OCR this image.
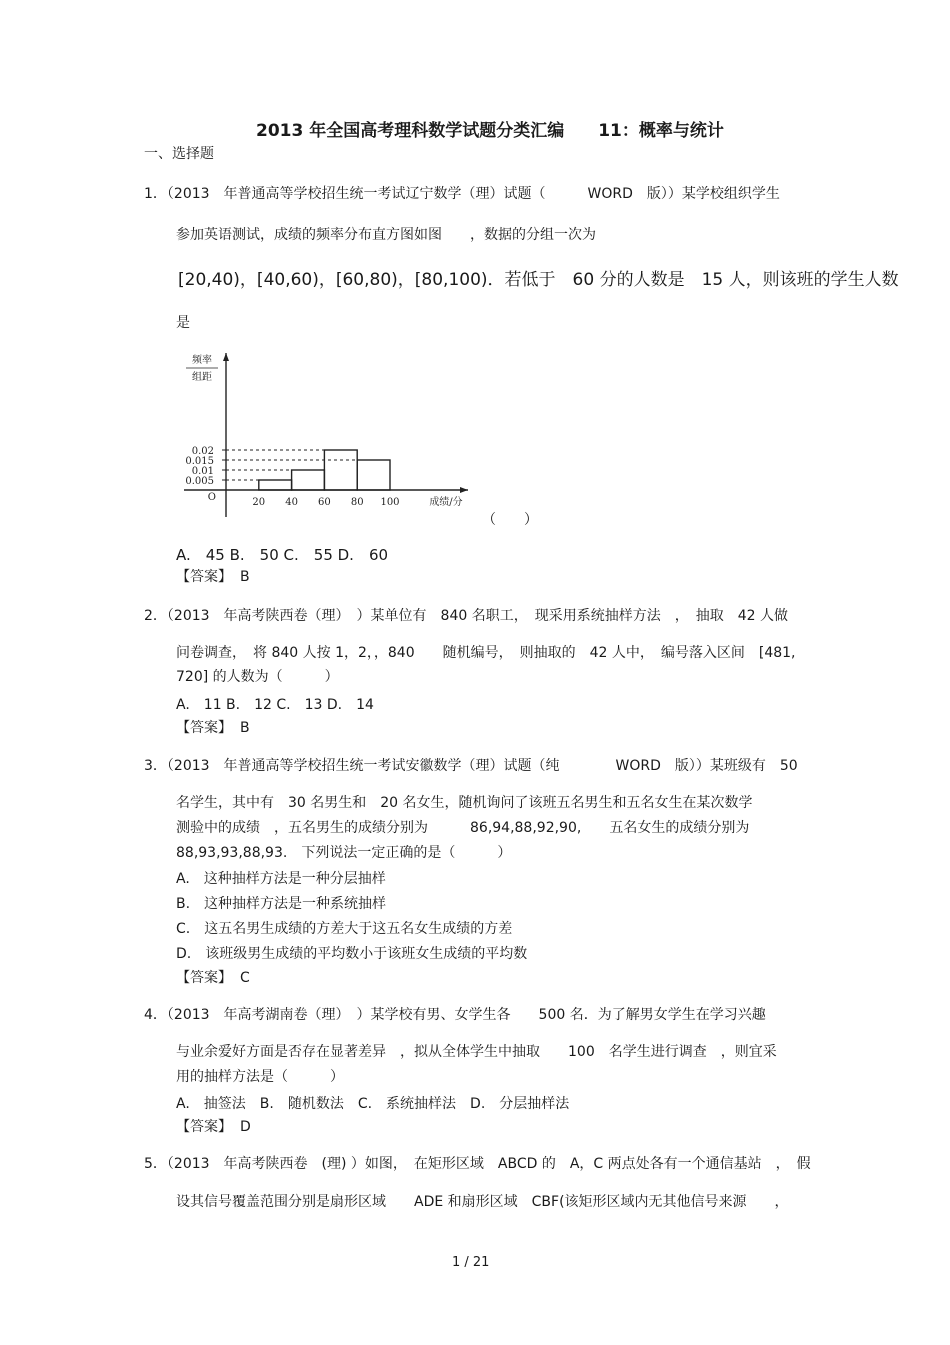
2013 年全国高考理科数学试题分类汇编　　11：概率与统计
一、选择题
1．（2013　年普通高等学校招生统一考试辽宁数学（理）试题（　　　WORD　版））某学校组织学生
参加英语测试，成绩的频率分布直方图如图　　，数据的分组一次为
[20,40)，[40,60)，[60,80)，[80,100)．若低于　60 分的人数是　15 人，则该班的学生人数
是
0.005
0.01
0.015
0.02
20 40 60 80 100
O	成绩/分
频率
组距
（　　）
A.　45 B.　50 C.　55 D.　60
【答案】 B
2．（2013　年高考陕西卷（理）　）某单位有　840 名职工，　现采用系统抽样方法　，　抽取　42 人做
问卷调查，　将 840 人按 1，2，，840　　随机编号，　则抽取的　42 人中，　编号落入区间　[481,
720] 的人数为（　　　）
A.　11 B.　12 C.　13 D.　14
【答案】 B
3．（2013　年普通高等学校招生统一考试安徽数学（理）试题（纯　　　　WORD　版））某班级有　50
名学生，其中有　30 名男生和　20 名女生，随机询问了该班五名男生和五名女生在某次数学
测验中的成绩　，五名男生的成绩分别为　　　86,94,88,92,90,　　五名女生的成绩分别为
88,93,93,88,93.　下列说法一定正确的是（　　　）
A.　这种抽样方法是一种分层抽样
B.　这种抽样方法是一种系统抽样
C.　这五名男生成绩的方差大于这五名女生成绩的方差
D.　该班级男生成绩的平均数小于该班女生成绩的平均数
【答案】 C
4．（2013　年高考湖南卷（理）　）某学校有男、女学生各　　500 名．为了解男女学生在学习兴趣
与业余爱好方面是否存在显著差异　，拟从全体学生中抽取　　100　名学生进行调查　，则宜采
用的抽样方法是（　　　）
A.　抽签法　B.　随机数法　C.　系统抽样法　D.　分层抽样法
【答案】 D
5．（2013　年高考陕西卷　(理) ）如图，　在矩形区域　ABCD 的　A，C 两点处各有一个通信基站　，　假
设其信号覆盖范围分别是扇形区域　　ADE 和扇形区域　CBF(该矩形区域内无其他信号来源　　，
1 / 21
